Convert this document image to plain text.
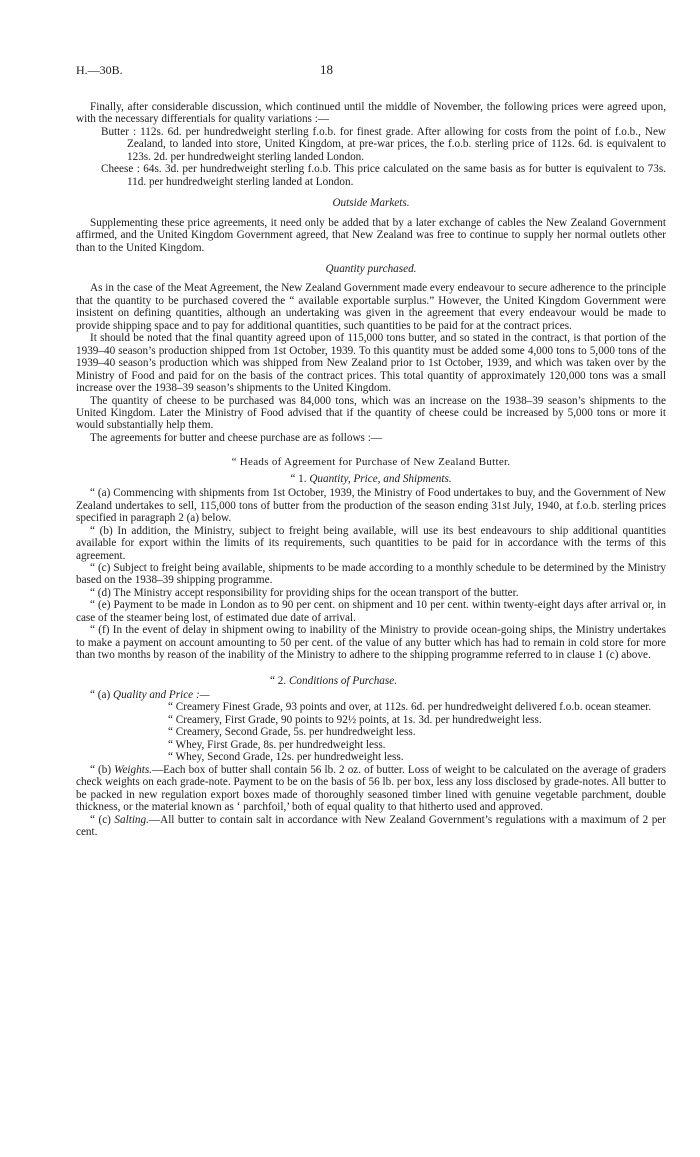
H.—30B.	18

Finally, after considerable discussion, which continued until the middle of November, the following prices were agreed upon, with the necessary differentials for quality variations :—

Butter : 112s. 6d. per hundredweight sterling f.o.b. for finest grade. After allowing for costs from the point of f.o.b., New Zealand, to landed into store, United Kingdom, at pre-war prices, the f.o.b. sterling price of 112s. 6d. is equivalent to 123s. 2d. per hundredweight sterling landed London.

Cheese : 64s. 3d. per hundredweight sterling f.o.b. This price calculated on the same basis as for butter is equivalent to 73s. 11d. per hundredweight sterling landed at London.

Outside Markets.

Supplementing these price agreements, it need only be added that by a later exchange of cables the New Zealand Government affirmed, and the United Kingdom Government agreed, that New Zealand was free to continue to supply her normal outlets other than to the United Kingdom.

Quantity purchased.

As in the case of the Meat Agreement, the New Zealand Government made every endeavour to secure adherence to the principle that the quantity to be purchased covered the “ available exportable surplus.” However, the United Kingdom Government were insistent on defining quantities, although an undertaking was given in the agreement that every endeavour would be made to provide shipping space and to pay for additional quantities, such quantities to be paid for at the contract prices.

It should be noted that the final quantity agreed upon of 115,000 tons butter, and so stated in the contract, is that portion of the 1939–40 season’s production shipped from 1st October, 1939. To this quantity must be added some 4,000 tons to 5,000 tons of the 1939–40 season’s production which was shipped from New Zealand prior to 1st October, 1939, and which was taken over by the Ministry of Food and paid for on the basis of the contract prices. This total quantity of approximately 120,000 tons was a small increase over the 1938–39 season’s shipments to the United Kingdom.

The quantity of cheese to be purchased was 84,000 tons, which was an increase on the 1938–39 season’s shipments to the United Kingdom. Later the Ministry of Food advised that if the quantity of cheese could be increased by 5,000 tons or more it would substantially help them.

The agreements for butter and cheese purchase are as follows :—

“ Heads of Agreement for Purchase of New Zealand Butter.

“ 1. Quantity, Price, and Shipments.

“ (a) Commencing with shipments from 1st October, 1939, the Ministry of Food undertakes to buy, and the Government of New Zealand undertakes to sell, 115,000 tons of butter from the production of the season ending 31st July, 1940, at f.o.b. sterling prices specified in paragraph 2 (a) below.

“ (b) In addition, the Ministry, subject to freight being available, will use its best endeavours to ship additional quantities available for export within the limits of its requirements, such quantities to be paid for in accordance with the terms of this agreement.

“ (c) Subject to freight being available, shipments to be made according to a monthly schedule to be determined by the Ministry based on the 1938–39 shipping programme.

“ (d) The Ministry accept responsibility for providing ships for the ocean transport of the butter.

“ (e) Payment to be made in London as to 90 per cent. on shipment and 10 per cent. within twenty-eight days after arrival or, in case of the steamer being lost, of estimated due date of arrival.

“ (f) In the event of delay in shipment owing to inability of the Ministry to provide ocean-going ships, the Ministry undertakes to make a payment on account amounting to 50 per cent. of the value of any butter which has had to remain in cold store for more than two months by reason of the inability of the Ministry to adhere to the shipping programme referred to in clause 1 (c) above.

“ 2. Conditions of Purchase.

“ (a) Quality and Price :—

“ Creamery Finest Grade, 93 points and over, at 112s. 6d. per hundredweight delivered f.o.b. ocean steamer.

“ Creamery, First Grade, 90 points to 92½ points, at 1s. 3d. per hundredweight less.

“ Creamery, Second Grade, 5s. per hundredweight less.

“ Whey, First Grade, 8s. per hundredweight less.

“ Whey, Second Grade, 12s. per hundredweight less.

“ (b) Weights.—Each box of butter shall contain 56 lb. 2 oz. of butter. Loss of weight to be calculated on the average of graders check weights on each grade-note. Payment to be on the basis of 56 lb. per box, less any loss disclosed by grade-notes. All butter to be packed in new regulation export boxes made of thoroughly seasoned timber lined with genuine vegetable parchment, double thickness, or the material known as ‘ parchfoil,’ both of equal quality to that hitherto used and approved.

“ (c) Salting.—All butter to contain salt in accordance with New Zealand Government’s regulations with a maximum of 2 per cent.
